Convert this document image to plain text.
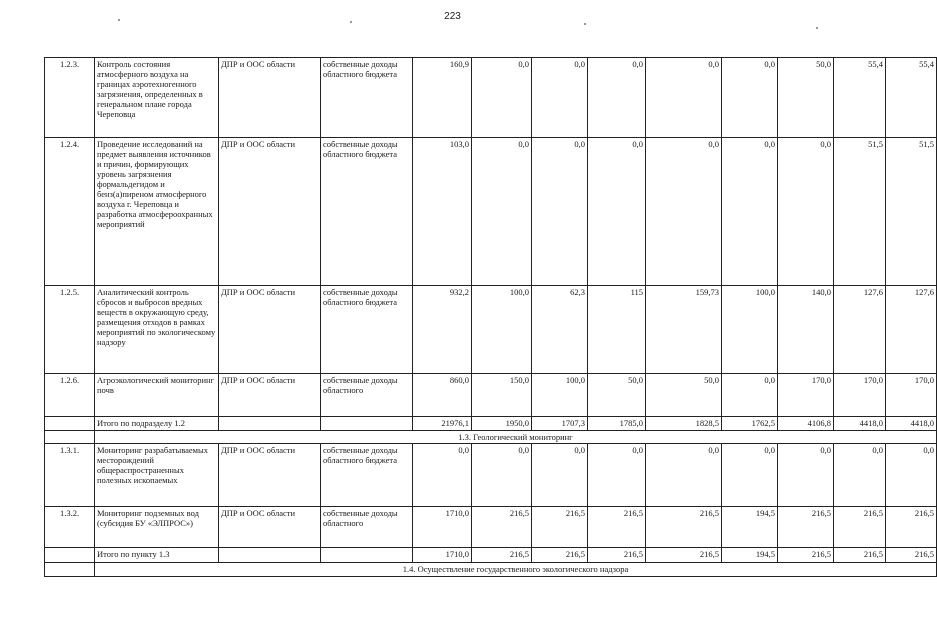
223
1.2.3.	Контроль состояния атмосферного воздуха на границах аэротехногенного загрязнения, определенных в генеральном плане города Череповца	ДПР и ООС области	собственные доходы областного бюджета	160,9	0,0	0,0	0,0	0,0	0,0	50,0	55,4	55,4
1.2.4.	Проведение исследований на предмет выявления источников и причин, формирующих уровень загрязнения формальдегидом и бенз(а)пиреном атмосферного воздуха г. Череповца и разработка атмосфероохранных мероприятий	ДПР и ООС области	собственные доходы областного бюджета	103,0	0,0	0,0	0,0	0,0	0,0	0,0	51,5	51,5
1.2.5.	Аналитический контроль сбросов и выбросов вредных веществ в окружающую среду, размещения отходов в рамках мероприятий по экологическому надзору	ДПР и ООС области	собственные доходы областного бюджета	932,2	100,0	62,3	115	159,73	100,0	140,0	127,6	127,6
1.2.6.	Агроэкологический мониторинг почв	ДПР и ООС области	собственные доходы областного	860,0	150,0	100,0	50,0	50,0	0,0	170,0	170,0	170,0
	Итого по подразделу 1.2			21976,1	1950,0	1707,3	1785,0	1828,5	1762,5	4106,8	4418,0	4418,0
	1.3. Геологический мониторинг											
1.3.1.	Мониторинг разрабатываемых месторождений общераспространенных полезных ископаемых	ДПР и ООС области	собственные доходы областного бюджета	0,0	0,0	0,0	0,0	0,0	0,0	0,0	0,0	0,0
1.3.2.	Мониторинг подземных вод (субсидия БУ «ЭЛПРОС»)	ДПР и ООС области	собственные доходы областного	1710,0	216,5	216,5	216,5	216,5	194,5	216,5	216,5	216,5
	Итого по пункту 1.3			1710,0	216,5	216,5	216,5	216,5	194,5	216,5	216,5	216,5
	1.4. Осуществление государственного экологического надзора											
